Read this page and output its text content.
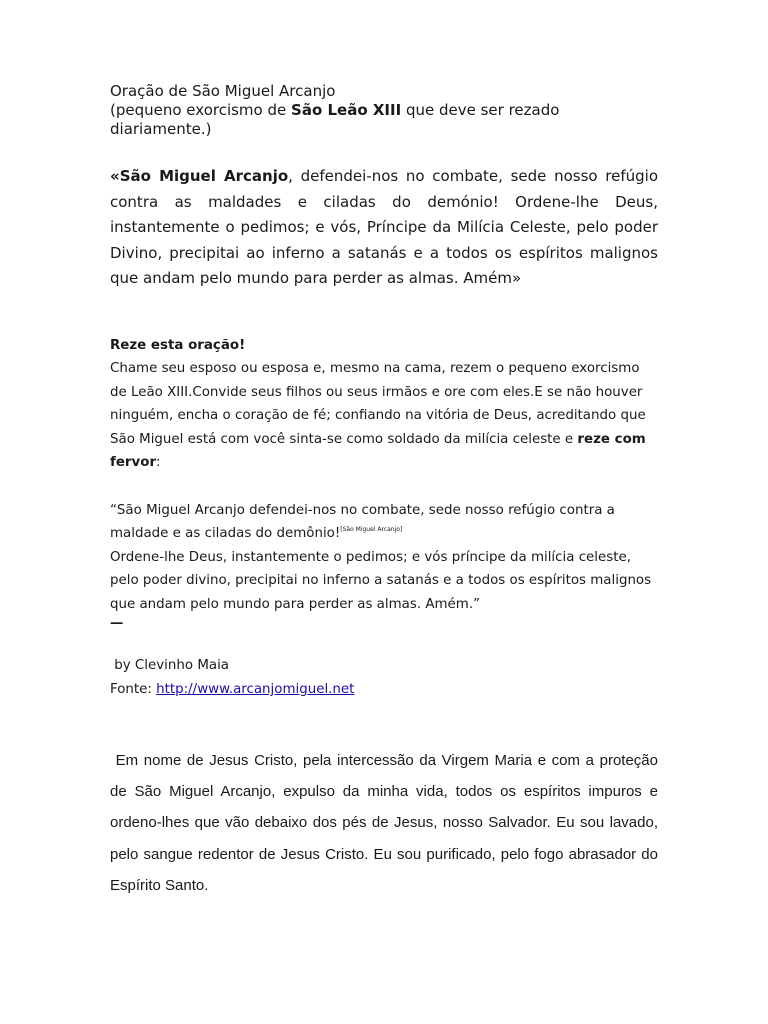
Oração de São Miguel Arcanjo
(pequeno exorcismo de São Leão XIII que deve ser rezado diariamente.)
«São Miguel Arcanjo, defendei-nos no combate, sede nosso refúgio contra as maldades e ciladas do demónio! Ordene-lhe Deus, instantemente o pedimos; e vós, Príncipe da Milícia Celeste, pelo poder Divino, precipitai ao inferno a satanás e a todos os espíritos malignos que andam pelo mundo para perder as almas. Amém»
Reze esta oração!
Chame seu esposo ou esposa e, mesmo na cama, rezem o pequeno exorcismo de Leão XIII.Convide seus filhos ou seus irmãos e ore com eles.E se não houver ninguém, encha o coração de fé; confiando na vitória de Deus, acreditando que São Miguel está com você sinta-se como soldado da milícia celeste e reze com fervor:
“São Miguel Arcanjo defendei-nos no combate, sede nosso refúgio contra a maldade e as ciladas do demônio![São Miguel Arcanjo]
Ordene-lhe Deus, instantemente o pedimos; e vós príncipe da milícia celeste, pelo poder divino, precipitai no inferno a satanás e a todos os espíritos malignos que andam pelo mundo para perder as almas. Amém.”
—
by Clevinho Maia
Fonte: http://www.arcanjomiguel.net
Em nome de Jesus Cristo, pela intercessão da Virgem Maria e com a proteção de São Miguel Arcanjo, expulso da minha vida, todos os espíritos impuros e ordeno-lhes que vão debaixo dos pés de Jesus, nosso Salvador. Eu sou lavado, pelo sangue redentor de Jesus Cristo. Eu sou purificado, pelo fogo abrasador do Espírito Santo.
